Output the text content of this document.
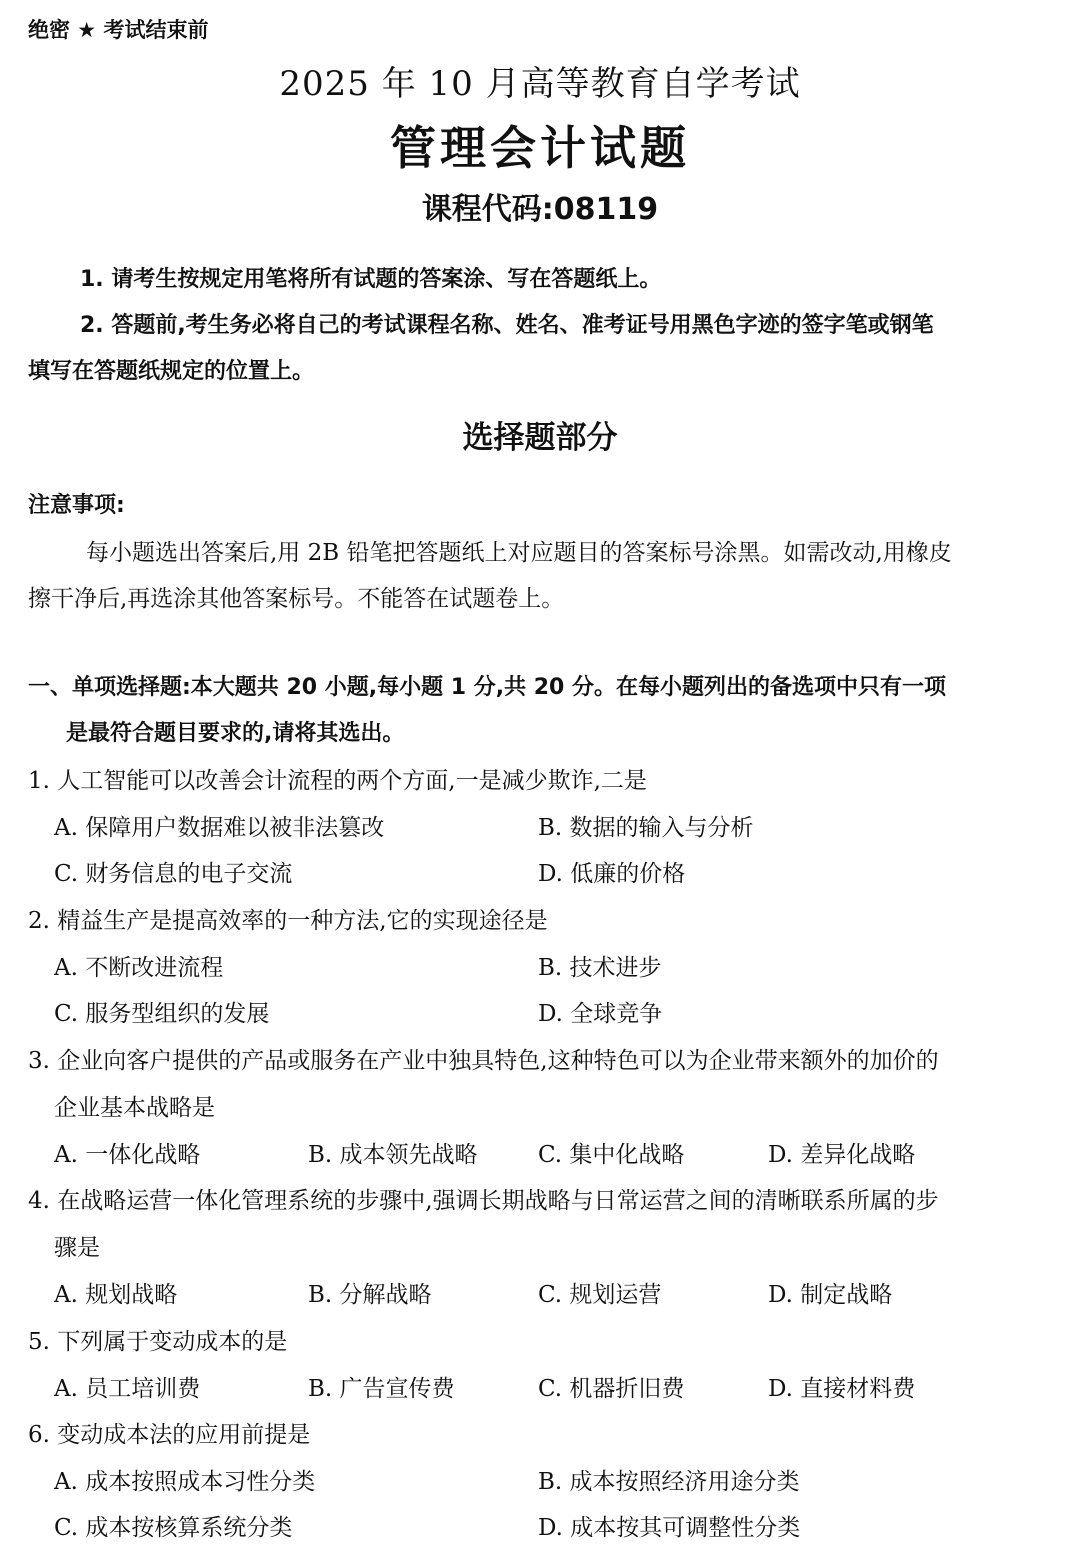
绝密 ★ 考试结束前
2025 年 10 月高等教育自学考试
管理会计试题
课程代码:08119
1. 请考生按规定用笔将所有试题的答案涂、写在答题纸上。
2. 答题前,考生务必将自己的考试课程名称、姓名、准考证号用黑色字迹的签字笔或钢笔
填写在答题纸规定的位置上。
选择题部分
注意事项:
每小题选出答案后,用 2B 铅笔把答题纸上对应题目的答案标号涂黑。如需改动,用橡皮
擦干净后,再选涂其他答案标号。不能答在试题卷上。
一、单项选择题:本大题共 20 小题,每小题 1 分,共 20 分。在每小题列出的备选项中只有一项
是最符合题目要求的,请将其选出。
1. 人工智能可以改善会计流程的两个方面,一是减少欺诈,二是
A. 保障用户数据难以被非法篡改	B. 数据的输入与分析
C. 财务信息的电子交流	D. 低廉的价格
2. 精益生产是提高效率的一种方法,它的实现途径是
A. 不断改进流程	B. 技术进步
C. 服务型组织的发展	D. 全球竞争
3. 企业向客户提供的产品或服务在产业中独具特色,这种特色可以为企业带来额外的加价的
企业基本战略是
A. 一体化战略	B. 成本领先战略	C. 集中化战略	D. 差异化战略
4. 在战略运营一体化管理系统的步骤中,强调长期战略与日常运营之间的清晰联系所属的步
骤是
A. 规划战略	B. 分解战略	C. 规划运营	D. 制定战略
5. 下列属于变动成本的是
A. 员工培训费	B. 广告宣传费	C. 机器折旧费	D. 直接材料费
6. 变动成本法的应用前提是
A. 成本按照成本习性分类	B. 成本按照经济用途分类
C. 成本按核算系统分类	D. 成本按其可调整性分类
